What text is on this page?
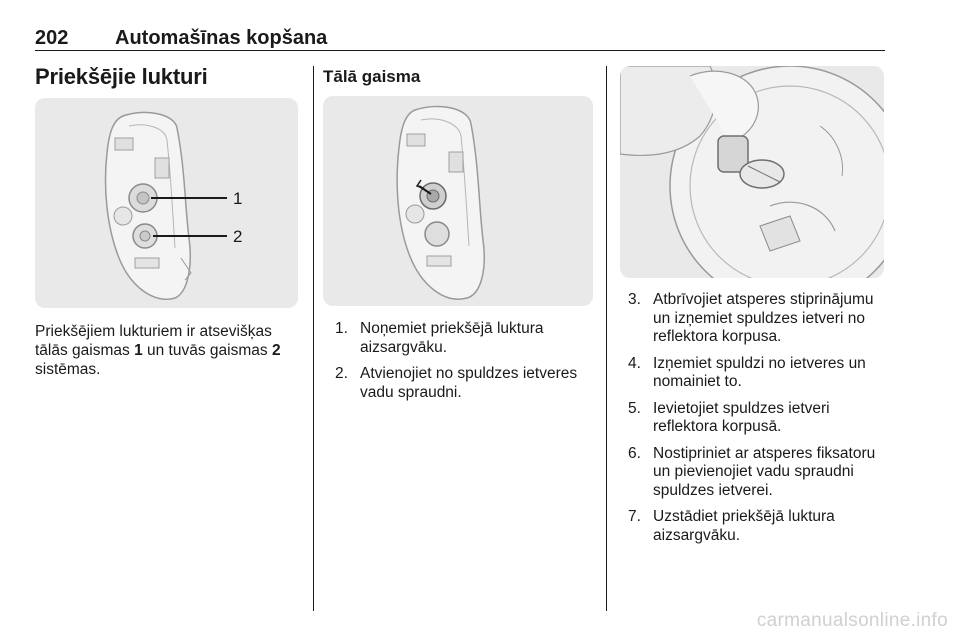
202 Automašīnas kopšana
Priekšējie lukturi
1
2
Priekšējiem lukturiem ir atsevišķas tālās gaismas 1 un tuvās gaismas 2 sistēmas.
Tālā gaisma
1. Noņemiet priekšējā luktura aizsargvāku.
2. Atvienojiet no spuldzes ietveres vadu spraudni.
3. Atbrīvojiet atsperes stiprinājumu un izņemiet spuldzes ietveri no reflektora korpusa.
4. Izņemiet spuldzi no ietveres un nomainiet to.
5. Ievietojiet spuldzes ietveri reflektora korpusā.
6. Nostipriniet ar atsperes fiksatoru un pievienojiet vadu spraudni spuldzes ietverei.
7. Uzstādiet priekšējā luktura aizsargvāku.
carmanualsonline.info
